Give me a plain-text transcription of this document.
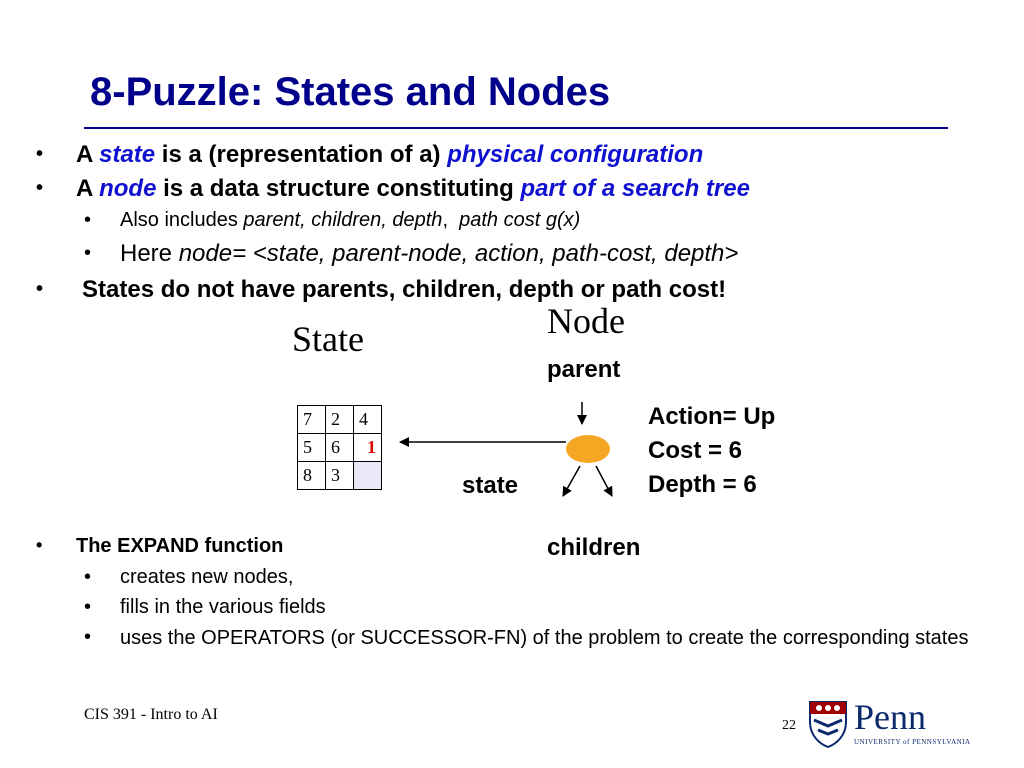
8-Puzzle: States and Nodes
• A state is a (representation of a) physical configuration
• A node is a data structure constituting part of a search tree
• Also includes parent, children, depth,  path cost g(x)
• Here node= <state, parent-node, action, path-cost, depth>
• States do not have parents, children, depth or path cost!
State	Node
parent
7	2	4
5	6	1
8	3	
Action= Up
Cost = 6
Depth = 6
state
children
• The EXPAND function
• creates new nodes,
• fills in the various fields
• uses the OPERATORS (or SUCCESSOR-FN) of the problem to create the corresponding states
CIS 391 - Intro to AI
22 Penn
UNIVERSITY of PENNSYLVANIA
